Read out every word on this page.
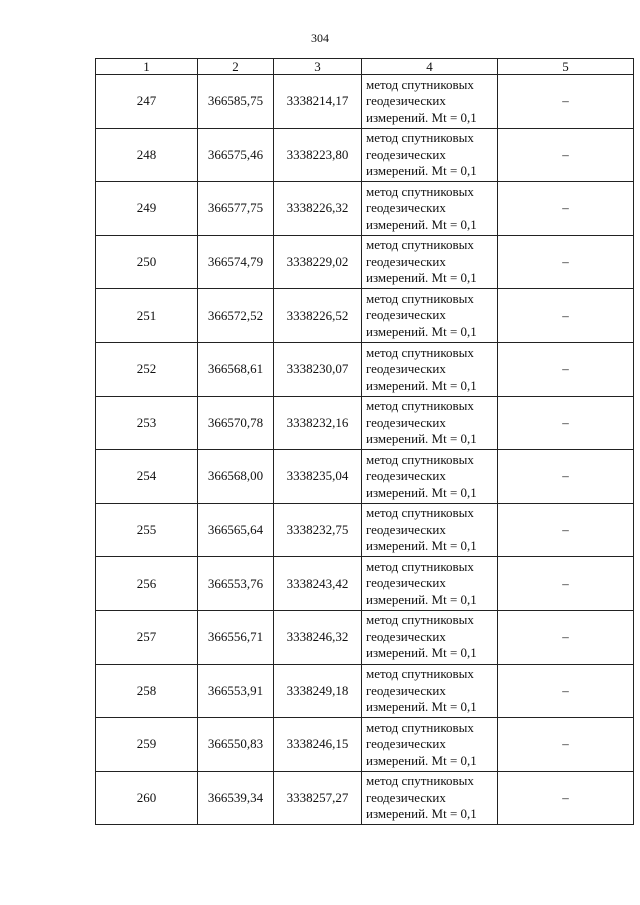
304
1	2	3	4	5
247	366585,75	3338214,17	метод спутниковых
геодезических
измерений. Mt = 0,1	–
248	366575,46	3338223,80	метод спутниковых
геодезических
измерений. Mt = 0,1	–
249	366577,75	3338226,32	метод спутниковых
геодезических
измерений. Mt = 0,1	–
250	366574,79	3338229,02	метод спутниковых
геодезических
измерений. Mt = 0,1	–
251	366572,52	3338226,52	метод спутниковых
геодезических
измерений. Mt = 0,1	–
252	366568,61	3338230,07	метод спутниковых
геодезических
измерений. Mt = 0,1	–
253	366570,78	3338232,16	метод спутниковых
геодезических
измерений. Mt = 0,1	–
254	366568,00	3338235,04	метод спутниковых
геодезических
измерений. Mt = 0,1	–
255	366565,64	3338232,75	метод спутниковых
геодезических
измерений. Mt = 0,1	–
256	366553,76	3338243,42	метод спутниковых
геодезических
измерений. Mt = 0,1	–
257	366556,71	3338246,32	метод спутниковых
геодезических
измерений. Mt = 0,1	–
258	366553,91	3338249,18	метод спутниковых
геодезических
измерений. Mt = 0,1	–
259	366550,83	3338246,15	метод спутниковых
геодезических
измерений. Mt = 0,1	–
260	366539,34	3338257,27	метод спутниковых
геодезических
измерений. Mt = 0,1	–
